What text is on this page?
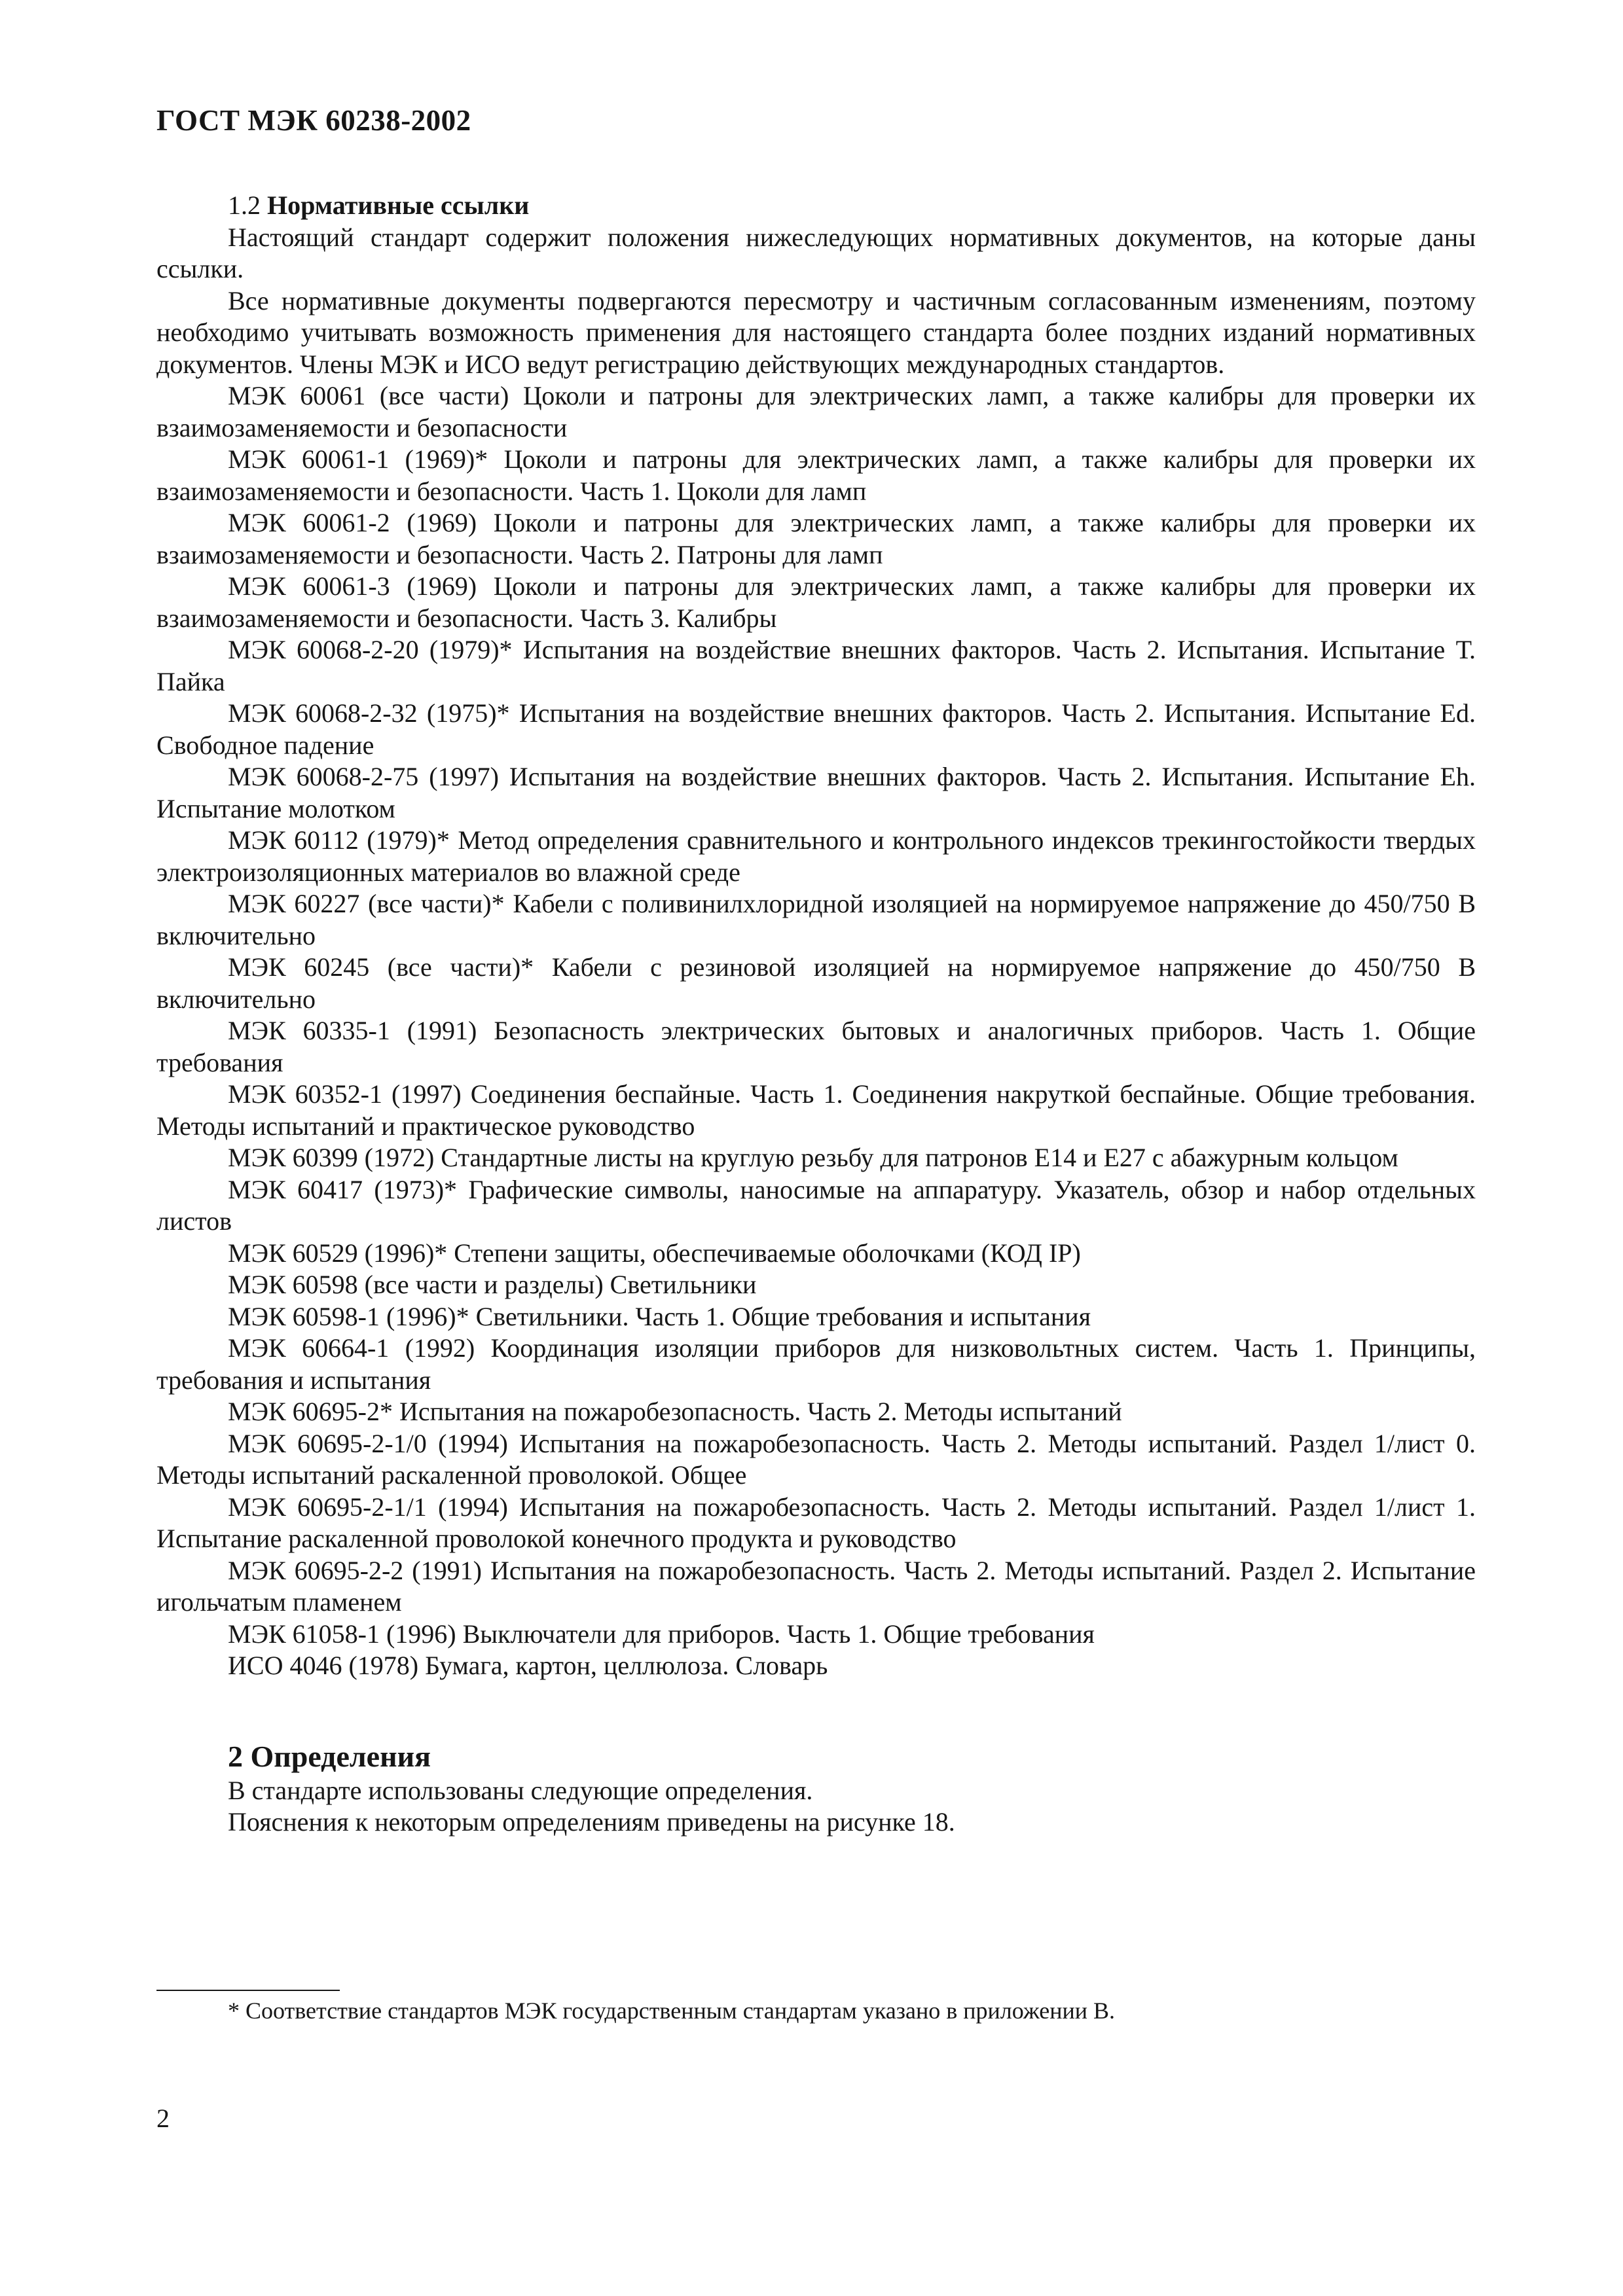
ГОСТ МЭК 60238-2002
1.2 Нормативные ссылки

Настоящий стандарт содержит положения нижеследующих нормативных документов, на которые даны ссылки.

Все нормативные документы подвергаются пересмотру и частичным согласованным изменениям, поэтому необходимо учитывать возможность применения для настоящего стандарта более поздних изданий нормативных документов. Члены МЭК и ИСО ведут регистрацию действующих международных стандартов.

МЭК 60061 (все части) Цоколи и патроны для электрических ламп, а также калибры для проверки их взаимозаменяемости и безопасности

МЭК 60061-1 (1969)* Цоколи и патроны для электрических ламп, а также калибры для проверки их взаимозаменяемости и безопасности. Часть 1. Цоколи для ламп

МЭК 60061-2 (1969) Цоколи и патроны для электрических ламп, а также калибры для проверки их взаимозаменяемости и безопасности. Часть 2. Патроны для ламп

МЭК 60061-3 (1969) Цоколи и патроны для электрических ламп, а также калибры для проверки их взаимозаменяемости и безопасности. Часть 3. Калибры

МЭК 60068-2-20 (1979)* Испытания на воздействие внешних факторов. Часть 2. Испытания. Испытание Т. Пайка

МЭК 60068-2-32 (1975)* Испытания на воздействие внешних факторов. Часть 2. Испытания. Испытание Ed. Свободное падение

МЭК 60068-2-75 (1997) Испытания на воздействие внешних факторов. Часть 2. Испытания. Испытание Eh. Испытание молотком

МЭК 60112 (1979)* Метод определения сравнительного и контрольного индексов трекингостойкости твердых электроизоляционных материалов во влажной среде

МЭК 60227 (все части)* Кабели с поливинилхлоридной изоляцией на нормируемое напряжение до 450/750 В включительно

МЭК 60245 (все части)* Кабели с резиновой изоляцией на нормируемое напряжение до 450/750 В включительно

МЭК 60335-1 (1991) Безопасность электрических бытовых и аналогичных приборов. Часть 1. Общие требования

МЭК 60352-1 (1997) Соединения беспайные. Часть 1. Соединения накруткой беспайные. Общие требования. Методы испытаний и практическое руководство

МЭК 60399 (1972) Стандартные листы на круглую резьбу для патронов Е14 и Е27 с абажурным кольцом

МЭК 60417 (1973)* Графические символы, наносимые на аппаратуру. Указатель, обзор и набор отдельных листов

МЭК 60529 (1996)* Степени защиты, обеспечиваемые оболочками (КОД IP)

МЭК 60598 (все части и разделы) Светильники

МЭК 60598-1 (1996)* Светильники. Часть 1. Общие требования и испытания

МЭК 60664-1 (1992) Координация изоляции приборов для низковольтных систем. Часть 1. Принципы, требования и испытания

МЭК 60695-2* Испытания на пожаробезопасность. Часть 2. Методы испытаний

МЭК 60695-2-1/0 (1994) Испытания на пожаробезопасность. Часть 2. Методы испытаний. Раздел 1/лист 0. Методы испытаний раскаленной проволокой. Общее

МЭК 60695-2-1/1 (1994) Испытания на пожаробезопасность. Часть 2. Методы испытаний. Раздел 1/лист 1. Испытание раскаленной проволокой конечного продукта и руководство

МЭК 60695-2-2 (1991) Испытания на пожаробезопасность. Часть 2. Методы испытаний. Раздел 2. Испытание игольчатым пламенем

МЭК 61058-1 (1996) Выключатели для приборов. Часть 1. Общие требования

ИСО 4046 (1978) Бумага, картон, целлюлоза. Словарь

2 Определения

В стандарте использованы следующие определения.

Пояснения к некоторым определениям приведены на рисунке 18.

* Соответствие стандартов МЭК государственным стандартам указано в приложении В.
2
